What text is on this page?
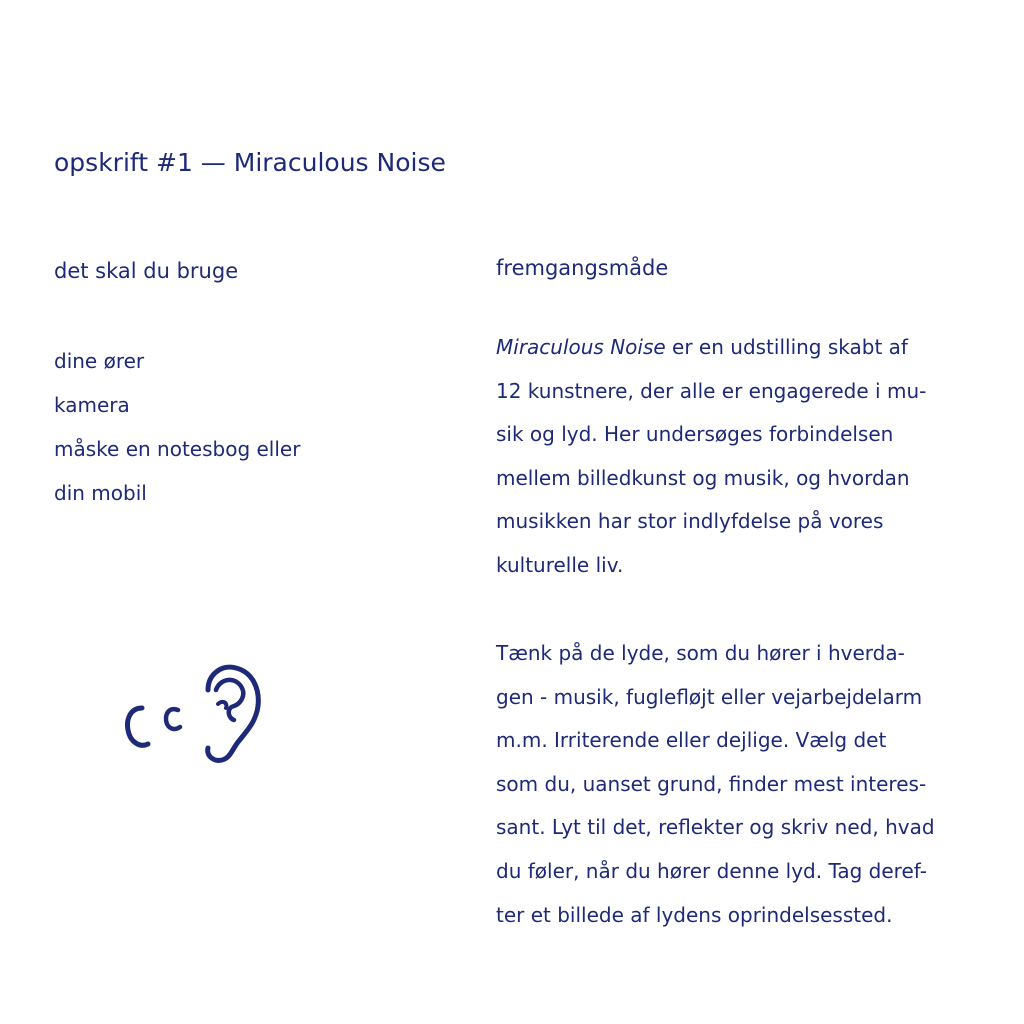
opskrift #1 — Miraculous Noise
det skal du bruge
dine ører
kamera
måske en notesbog eller
din mobil
fremgangsmåde

Miraculous Noise er en udstilling skabt af
12 kunstnere, der alle er engagerede i mu-
sik og lyd. Her undersøges forbindelsen
mellem billedkunst og musik, og hvordan
musikken har stor indlyfdelse på vores
kulturelle liv.

Tænk på de lyde, som du hører i hverda-
gen - musik, fuglefløjt eller vejarbejdelarm
m.m. Irriterende eller dejlige. Vælg det
som du, uanset grund, finder mest interes-
sant. Lyt til det, reflekter og skriv ned, hvad
du føler, når du hører denne lyd. Tag deref-
ter et billede af lydens oprindelsessted.
